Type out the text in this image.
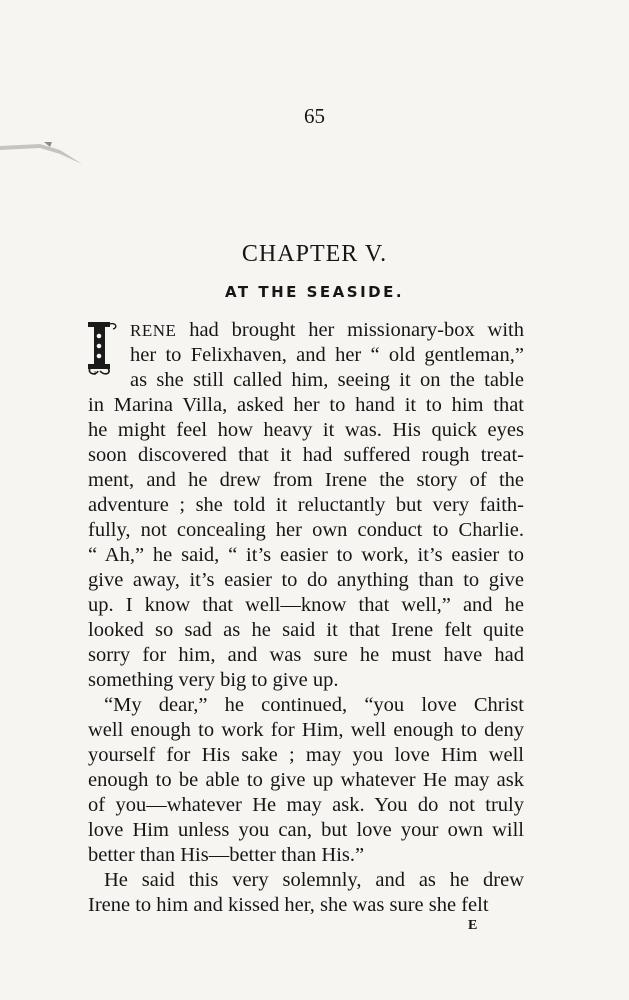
65
CHAPTER V.
AT THE SEASIDE.
I
RENE had brought her missionary-box with
her to Felixhaven, and her “ old gentleman,”
as she still called him, seeing it on the table
in Marina Villa, asked her to hand it to him that
he might feel how heavy it was. His quick eyes
soon discovered that it had suffered rough treat-
ment, and he drew from Irene the story of the
adventure ; she told it reluctantly but very faith-
fully, not concealing her own conduct to Charlie.
“ Ah,” he said, “ it’s easier to work, it’s easier to
give away, it’s easier to do anything than to give
up. I know that well—know that well,” and he
looked so sad as he said it that Irene felt quite
sorry for him, and was sure he must have had
something very big to give up.
“My dear,” he continued, “you love Christ
well enough to work for Him, well enough to deny
yourself for His sake ; may you love Him well
enough to be able to give up whatever He may ask
of you—whatever He may ask. You do not truly
love Him unless you can, but love your own will
better than His—better than His.”
He said this very solemnly, and as he drew
Irene to him and kissed her, she was sure she felt
E
